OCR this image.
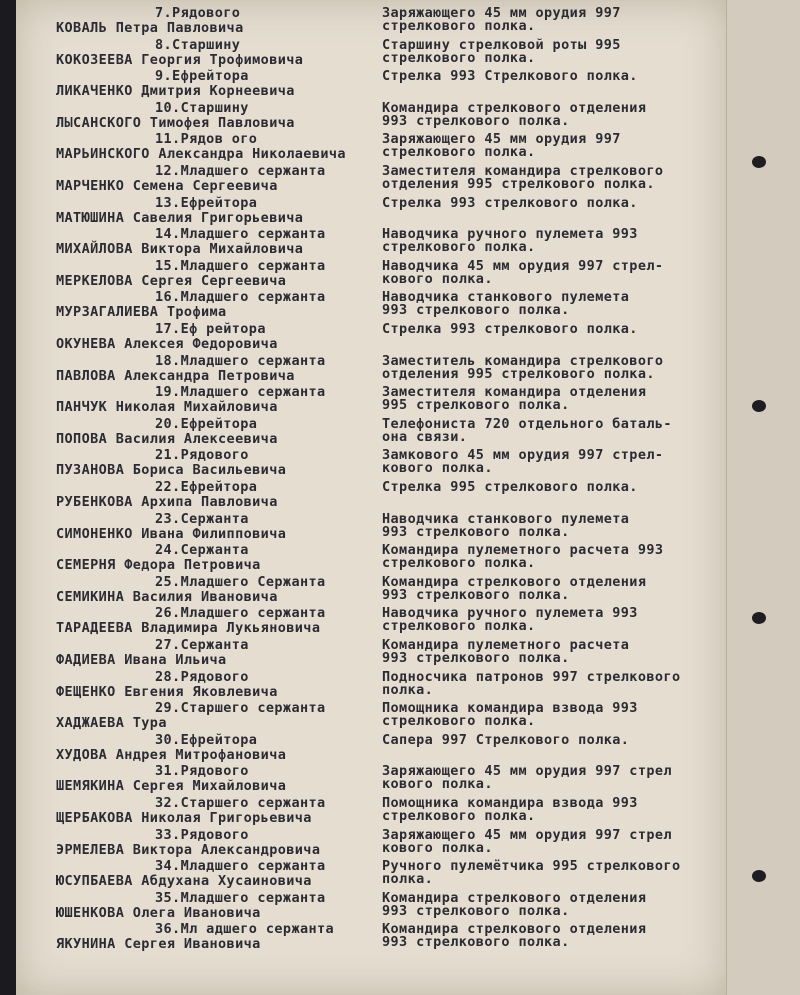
7.Рядового
КОВАЛЬ Петра Павловича
Заряжающего 45 мм орудия 997
стрелкового полка.
8.Старшину
КОКОЗЕЕВА Георгия Трофимовича
Старшину стрелковой роты 995
стрелкового полка.
9.Ефрейтора
ЛИКАЧЕНКО Дмитрия Корнеевича
Стрелка 993 Стрелкового полка.
10.Старшину
ЛЫСАНСКОГО Тимофея Павловича
Командира стрелкового отделения
993 стрелкового полка.
11.Рядов ого
МАРЬИНСКОГО Александра Николаевича
Заряжающего 45 мм орудия 997
стрелкового полка.
12.Младшего сержанта
МАРЧЕНКО Семена Сергеевича
Заместителя командира стрелкового
отделения 995 стрелкового полка.
13.Ефрейтора
МАТЮШИНА Савелия Григорьевича
Стрелка 993 стрелкового полка.
14.Младшего сержанта
МИХАЙЛОВА Виктора Михайловича
Наводчика ручного пулемета 993
стрелкового полка.
15.Младшего сержанта
МЕРКЕЛОВА Сергея Сергеевича
Наводчика 45 мм орудия 997 стрел-
кового полка.
16.Младшего сержанта
МУРЗАГАЛИЕВА Трофима
Наводчика станкового пулемета
993 стрелкового полка.
17.Еф рейтора
ОКУНЕВА Алексея Федоровича
Стрелка 993 стрелкового полка.
18.Младшего сержанта
ПАВЛОВА Александра Петровича
Заместитель командира стрелкового
отделения 995 стрелкового полка.
19.Младшего сержанта
ПАНЧУК Николая Михайловича
Заместителя командира отделения
995 стрелкового полка.
20.Ефрейтора
ПОПОВА Василия Алексеевича
Телефониста 720 отдельного баталь-
она связи.
21.Рядового
ПУЗАНОВА Бориса Васильевича
Замкового 45 мм орудия 997 стрел-
кового полка.
22.Ефрейтора
РУБЕНКОВА Архипа Павловича
Стрелка 995 стрелкового полка.
23.Сержанта
СИМОНЕНКО Ивана Филипповича
Наводчика станкового пулемета
993 стрелкового полка.
24.Сержанта
СЕМЕРНЯ Федора Петровича
Командира пулеметного расчета 993
стрелкового полка.
25.Младшего Сержанта
СЕМИКИНА Василия Ивановича
Командира стрелкового отделения
993 стрелкового полка.
26.Младшего сержанта
ТАРАДЕЕВА Владимира Лукьяновича
Наводчика ручного пулемета 993
стрелкового полка.
27.Сержанта
ФАДИЕВА Ивана Ильича
Командира пулеметного расчета
993 стрелкового полка.
28.Рядового
ФЕЩЕНКО Евгения Яковлевича
Подносчика патронов 997 стрелкового
полка.
29.Старшего сержанта
ХАДЖАЕВА Тура
Помощника командира взвода 993
стрелкового полка.
30.Ефрейтора
ХУДОВА Андрея Митрофановича
Сапера 997 Стрелкового полка.
31.Рядового
ШЕМЯКИНА Сергея Михайловича
Заряжающего 45 мм орудия 997 стрел
кового полка.
32.Старшего сержанта
ЩЕРБАКОВА Николая Григорьевича
Помощника командира взвода 993
стрелкового полка.
33.Рядового
ЭРМЕЛЕВА Виктора Александровича
Заряжающего 45 мм орудия 997 стрел
кового полка.
34.Младшего сержанта
ЮСУПБАЕВА Абдухана Хусаиновича
Ручного пулемётчика 995 стрелкового
полка.
35.Младшего сержанта
ЮШЕНКОВА Олега Ивановича
Командира стрелкового отделения
993 стрелкового полка.
36.Мл адшего сержанта
ЯКУНИНА Сергея Ивановича
Командира стрелкового отделения
993 стрелкового полка.
